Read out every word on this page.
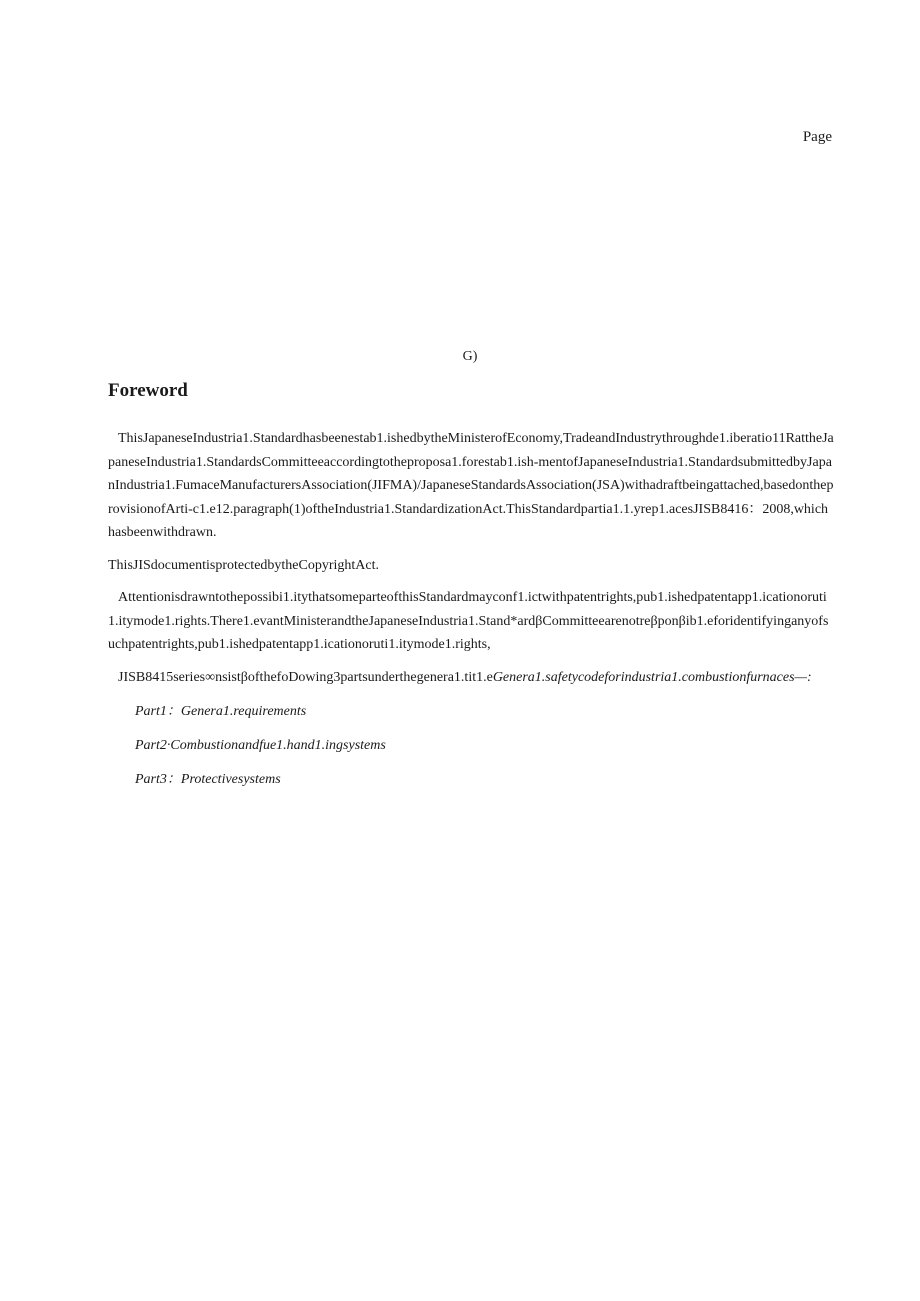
Page
G)
Foreword

ThisJapaneseIndustria1.Standardhasbeenestab1.ishedbytheMinisterofEconomy,TradeandIndustrythroughde1.iberatio11RattheJapaneseIndustria1.StandardsCommitteeaccordingtotheproposa1.forestab1.ish-mentofJapaneseIndustria1.StandardsubmittedbyJapanIndustria1.FumaceManufacturersAssociation(JIFMA)/JapaneseStandardsAssociation(JSA)withadraftbeingattached,basedontheprovisionofArti-c1.e12.paragraph(1)oftheIndustria1.StandardizationAct.ThisStandardpartia1.1.yrep1.acesJISB8416：2008,whichhasbeenwithdrawn.

ThisJISdocumentisprotectedbytheCopyrightAct.

Attentionisdrawntothepossibi1.itythatsomeparteofthisStandardmayconf1.ictwithpatentrights,pub1.ishedpatentapp1.icationoruti1.itymode1.rights.There1.evantMinisterandtheJapaneseIndustria1.Stand*ardβCommitteearenotreβponβib1.eforidentifyinganyofsuchpatentrights,pub1.ishedpatentapp1.icationoruti1.itymode1.rights,

JISB8415series∞nsistβofthefoDowing3partsunderthegenera1.tit1.eGenera1.safetycodeforindustria1.combustionfurnaces—:

Part1：Genera1.requirements
Part2·Combustionandfue1.hand1.ingsystems
Part3：Protectivesystems
